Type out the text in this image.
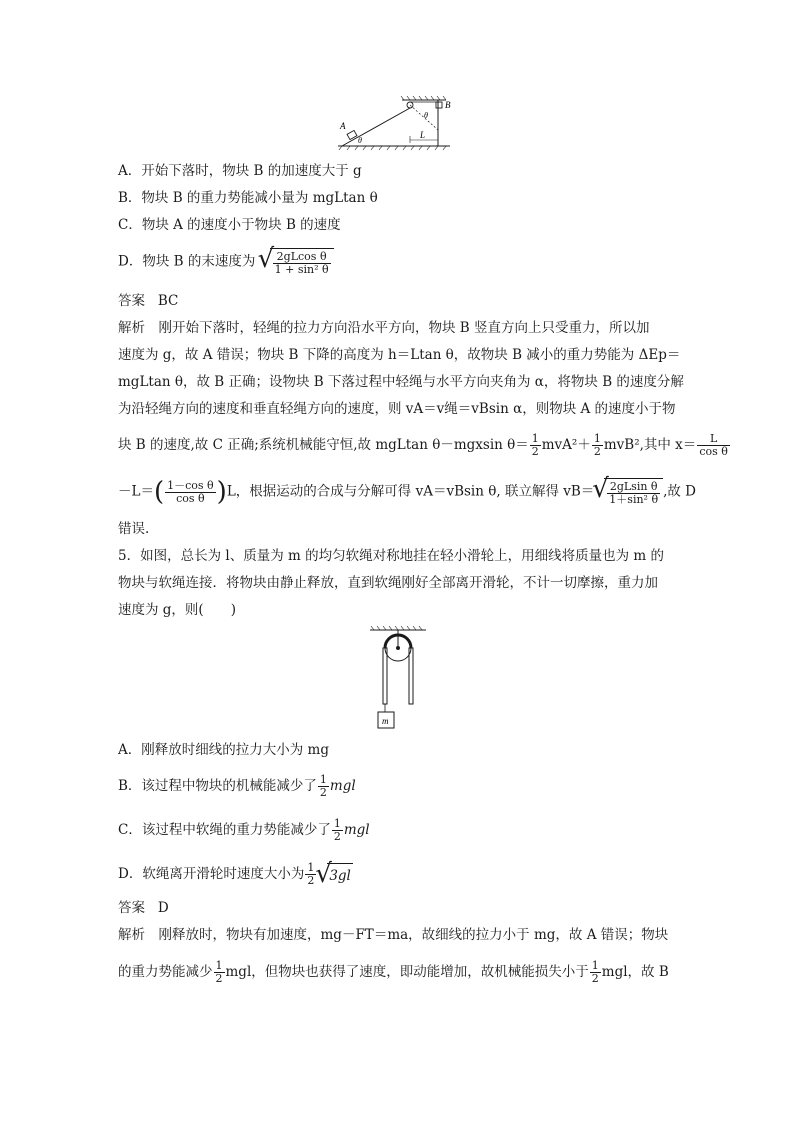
A
B
θ
θ
L
A．开始下落时，物块 B 的加速度大于 g
B．物块 B 的重力势能减小量为 mgLtan θ
C．物块 A 的速度小于物块 B 的速度
D．物块 B 的末速度为 √ $\frac{\text{2gLcos θ}}{\text{1 + sin² θ}}$
答案 BC
解析　刚开始下落时，轻绳的拉力方向沿水平方向，物块 B 竖直方向上只受重力，所以加
速度为 g，故 A 错误；物块 B 下降的高度为 h＝Ltan θ，故物块 B 减小的重力势能为 ΔEp＝
mgLtan θ，故 B 正确；设物块 B 下落过程中轻绳与水平方向夹角为 α，将物块 B 的速度分解
为沿轻绳方向的速度和垂直轻绳方向的速度，则 vA＝v绳＝vBsin α，则物块 A 的速度小于物
块 B 的速度,故 C 正确;系统机械能守恒,故 mgLtan θ－mgxsin $\theta= \frac{1}{2} mvA^2+ \frac{1}{2} mvB^2$,其中 $x= \frac{L}{\text{cos θ}}$
$-L=( \frac{\text{1－cos θ}}{\text{cos θ}} )L$，根据运动的合成与分解可得 vA＝vBsin θ, 联立解得 vB＝ √ $\frac{\text{2gLsin θ}}{\text{1＋sin² θ}}$ ,故 D
错误.
5．如图，总长为 l、质量为 m 的均匀软绳对称地挂在轻小滑轮上，用细线将质量也为 m 的
物块与软绳连接．将物块由静止释放，直到软绳刚好全部离开滑轮，不计一切摩擦，重力加
速度为 g，则(　　)
m
A．刚释放时细线的拉力大小为 mg
B．该过程中物块的机械能减少了 $\frac{1}{2}$ mgl
C．该过程中软绳的重力势能减少了 $\frac{1}{2}$ mgl
D．软绳离开滑轮时速度大小为 $\frac{1}{2}$ √ 3gl
答案 D
解析　刚释放时，物块有加速度，mg－FT＝ma，故细线的拉力小于 mg，故 A 错误；物块
的重力势能减少 $\frac{1}{2}$ mgl，但物块也获得了速度，即动能增加，故机械能损失小于 $\frac{1}{2}$ mgl，故 B
